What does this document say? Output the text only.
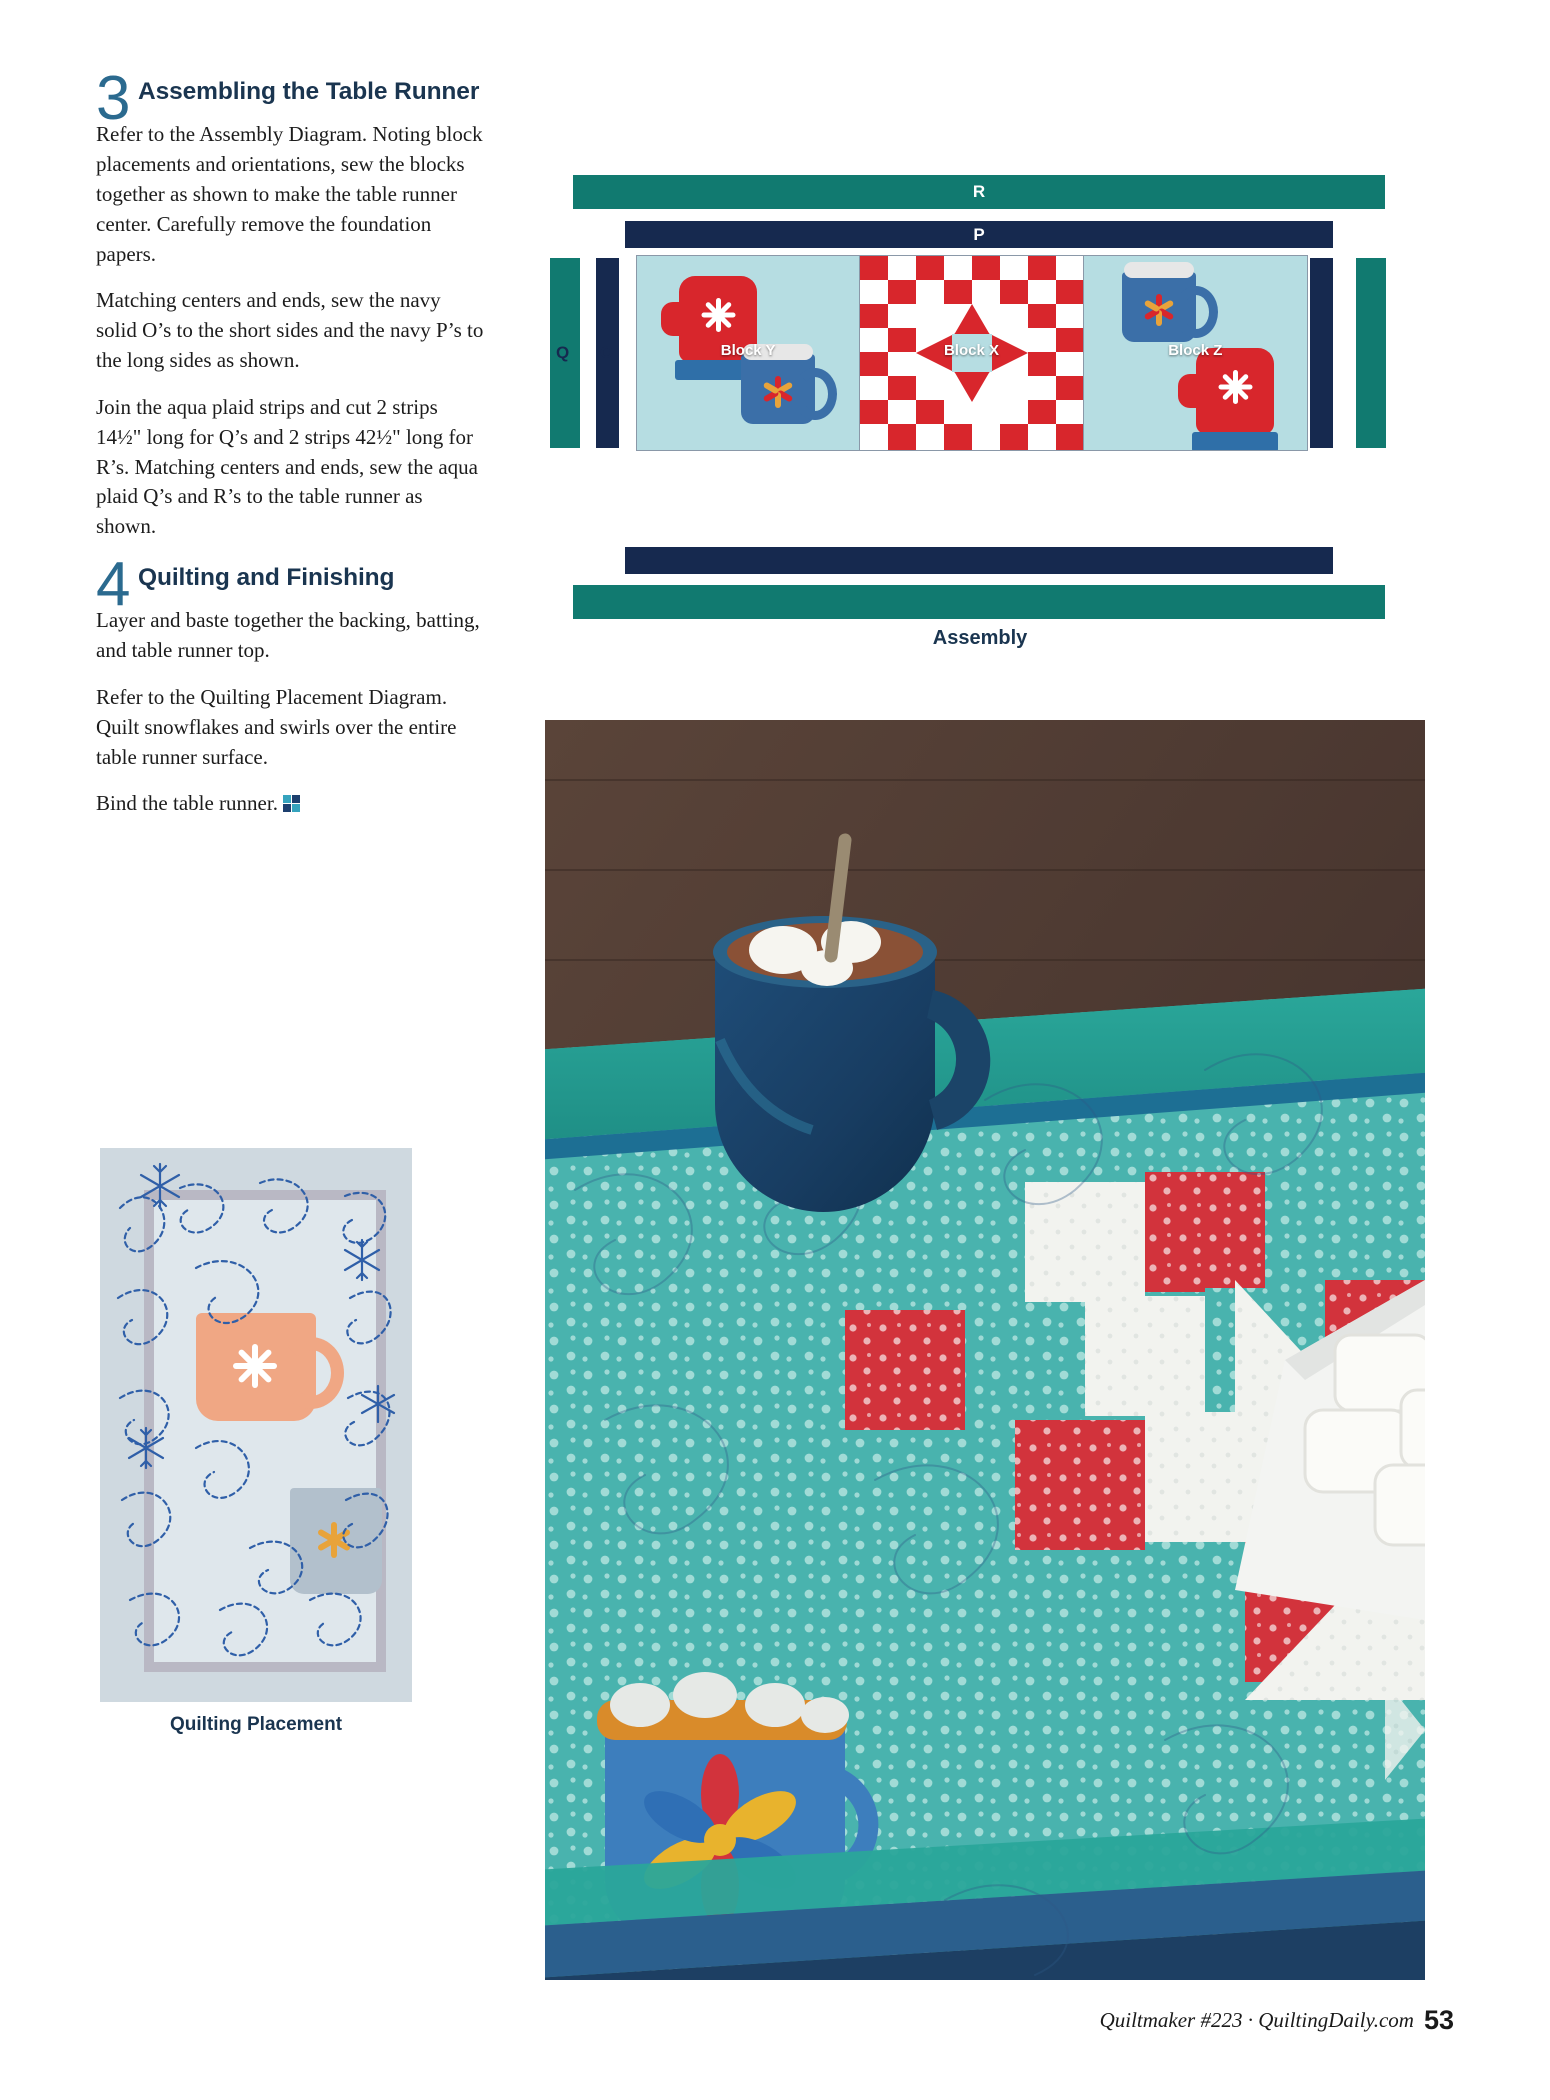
3 Assembling the Table Runner

Refer to the Assembly Diagram. Noting block placements and orientations, sew the blocks together as shown to make the table runner center. Carefully remove the foundation papers.

Matching centers and ends, sew the navy solid O’s to the short sides and the navy P’s to the long sides as shown.

Join the aqua plaid strips and cut 2 strips 14½" long for Q’s and 2 strips 42½" long for R’s. Matching centers and ends, sew the aqua plaid Q’s and R’s to the table runner as shown.

4 Quilting and Finishing

Layer and baste together the backing, batting, and table runner top.

Refer to the Quilting Placement Diagram. Quilt snowflakes and swirls over the entire table runner surface.

Bind the table runner.

Quilting Placement
R
P
Q O	Block Y	Block X	Block Z
Assembly
Quiltmaker #223 · QuiltingDaily.com 53
